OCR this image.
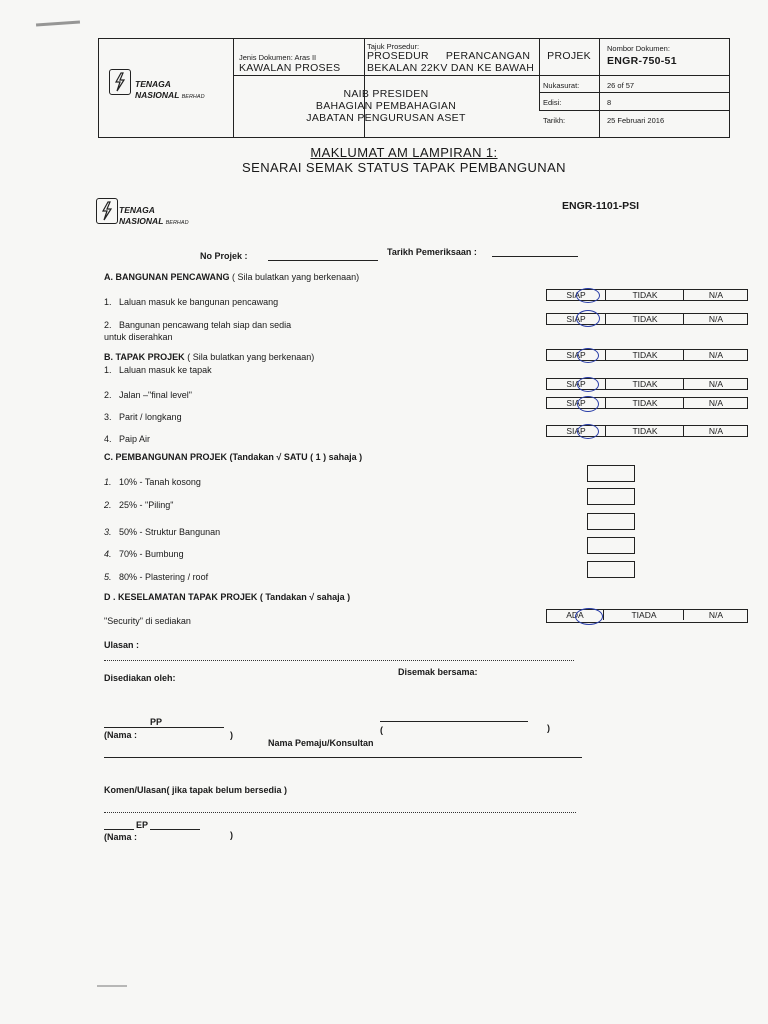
TENAGA
NASIONAL BERHAD
Jenis Dokumen: Aras II
KAWALAN PROSES
Tajuk Prosedur:
PROSEDUR PERANCANGAN PROJEK
BEKALAN 22KV DAN KE BAWAH
Nombor Dokumen:
ENGR-750-51
NAIB PRESIDEN
BAHAGIAN PEMBAHAGIAN
JABATAN PENGURUSAN ASET
Nukasurat:	26 of 57
Edisi:	8
Tarikh:	25 Februari 2016
MAKLUMAT AM LAMPIRAN 1:
SENARAI SEMAK STATUS TAPAK PEMBANGUNAN
TENAGA
NASIONAL BERHAD
ENGR-1101-PSI
No Projek :	Tarikh Pemeriksaan :
A. BANGUNAN PENCAWANG ( Sila bulatkan yang berkenaan)
1. Laluan masuk ke bangunan pencawang
SIAP	TIDAK	N/A
2. Bangunan pencawang telah siap dan sedia
untuk diserahkan
SIAP	TIDAK	N/A
B. TAPAK PROJEK ( Sila bulatkan yang berkenaan)
1. Laluan masuk ke tapak
SIAP	TIDAK	N/A
2. Jalan –"final level"
SIAP	TIDAK	N/A
3. Parit / longkang
SIAP	TIDAK	N/A
4. Paip Air
SIAP	TIDAK	N/A
C. PEMBANGUNAN PROJEK (Tandakan √ SATU ( 1 ) sahaja )
1. 10% - Tanah kosong
2. 25% - "Piling"
3. 50% - Struktur Bangunan
4. 70% - Bumbung
5. 80% - Plastering / roof
D . KESELAMATAN TAPAK PROJEK ( Tandakan √ sahaja )
"Security" di sediakan
ADA	TIADA	N/A
Ulasan :
Disediakan oleh:
Disemak bersama:
PP
(Nama :	)	(	)
Nama Pemaju/Konsultan
Komen/Ulasan( jika tapak belum bersedia )
EP
(Nama :	)
